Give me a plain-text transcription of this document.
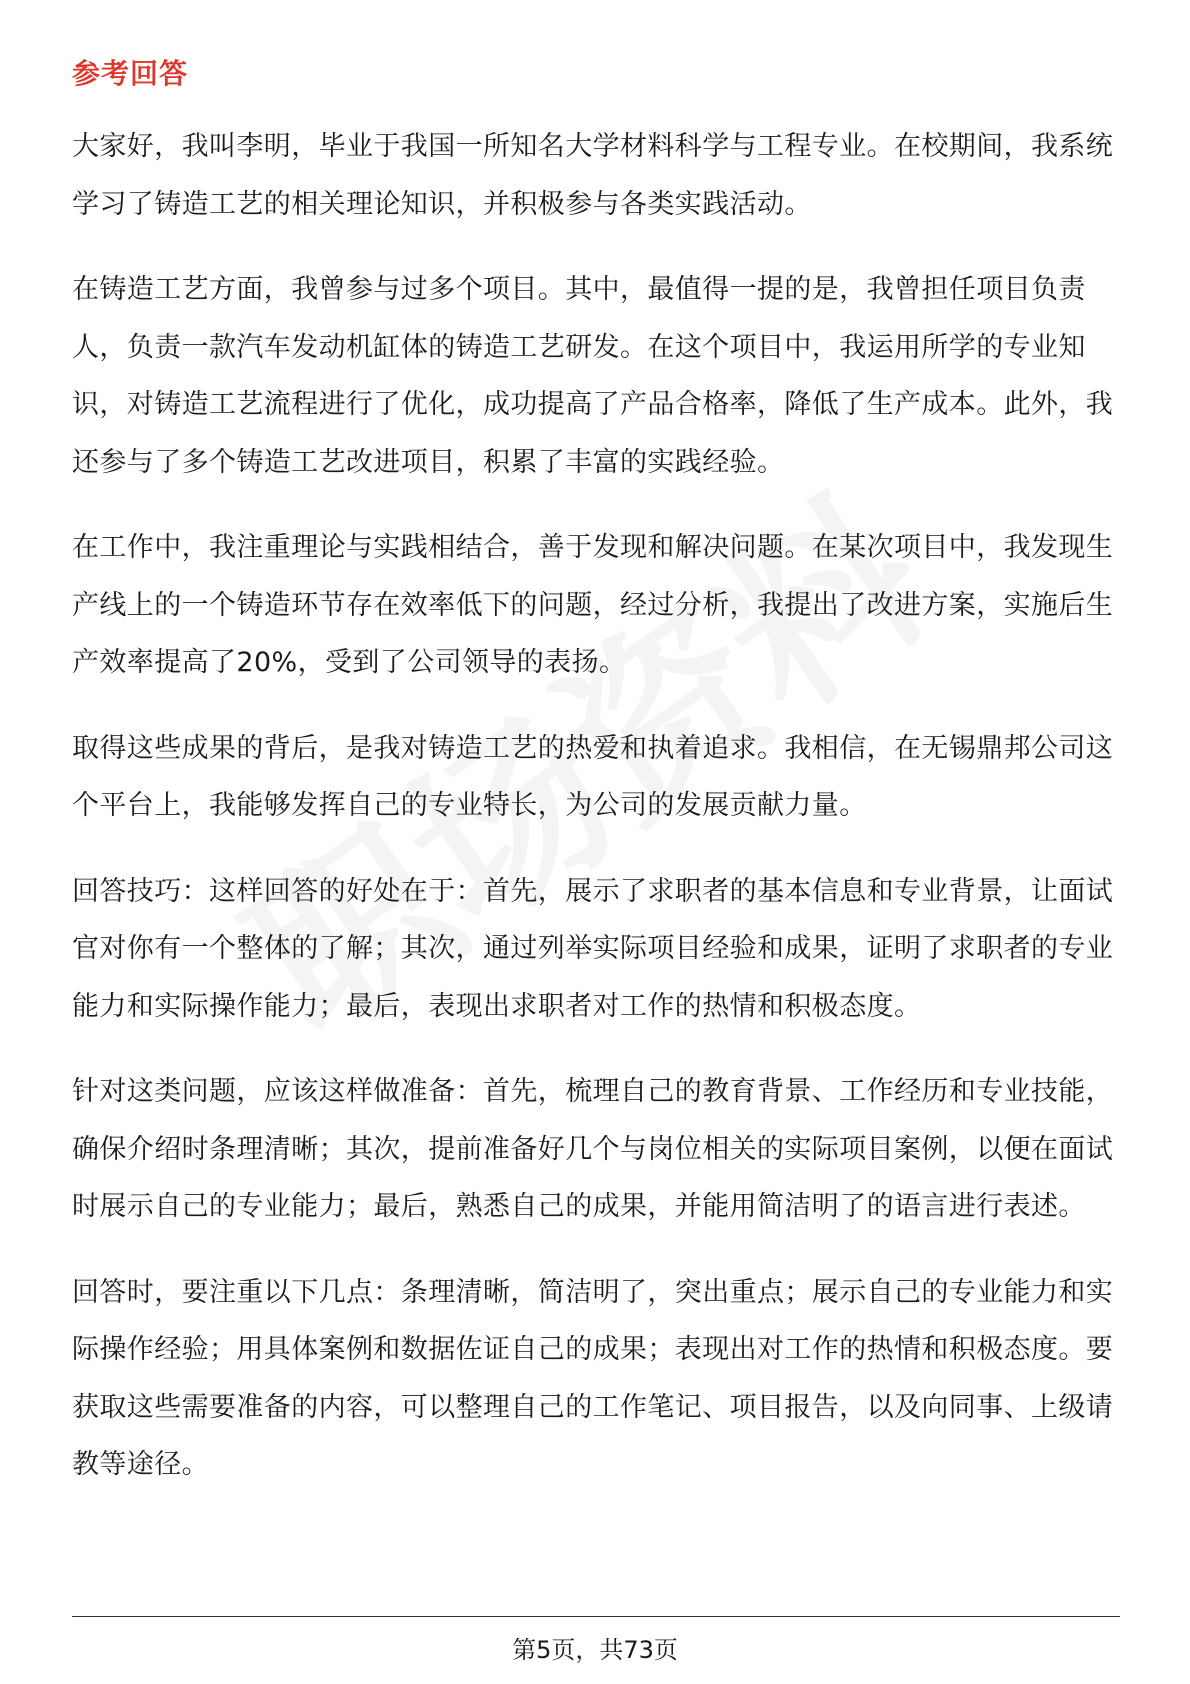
参考回答

大家好，我叫李明，毕业于我国一所知名大学材料科学与工程专业。在校期间，我系统学习了铸造工艺的相关理论知识，并积极参与各类实践活动。

在铸造工艺方面，我曾参与过多个项目。其中，最值得一提的是，我曾担任项目负责人，负责一款汽车发动机缸体的铸造工艺研发。在这个项目中，我运用所学的专业知识，对铸造工艺流程进行了优化，成功提高了产品合格率，降低了生产成本。此外，我还参与了多个铸造工艺改进项目，积累了丰富的实践经验。

在工作中，我注重理论与实践相结合，善于发现和解决问题。在某次项目中，我发现生产线上的一个铸造环节存在效率低下的问题，经过分析，我提出了改进方案，实施后生产效率提高了20%，受到了公司领导的表扬。

取得这些成果的背后，是我对铸造工艺的热爱和执着追求。我相信，在无锡鼎邦公司这个平台上，我能够发挥自己的专业特长，为公司的发展贡献力量。

回答技巧：这样回答的好处在于：首先，展示了求职者的基本信息和专业背景，让面试官对你有一个整体的了解；其次，通过列举实际项目经验和成果，证明了求职者的专业能力和实际操作能力；最后，表现出求职者对工作的热情和积极态度。

针对这类问题，应该这样做准备：首先，梳理自己的教育背景、工作经历和专业技能，确保介绍时条理清晰；其次，提前准备好几个与岗位相关的实际项目案例，以便在面试时展示自己的专业能力；最后，熟悉自己的成果，并能用简洁明了的语言进行表述。

回答时，要注重以下几点：条理清晰，简洁明了，突出重点；展示自己的专业能力和实际操作经验；用具体案例和数据佐证自己的成果；表现出对工作的热情和积极态度。要获取这些需要准备的内容，可以整理自己的工作笔记、项目报告，以及向同事、上级请教等途径。

第5页，共73页
